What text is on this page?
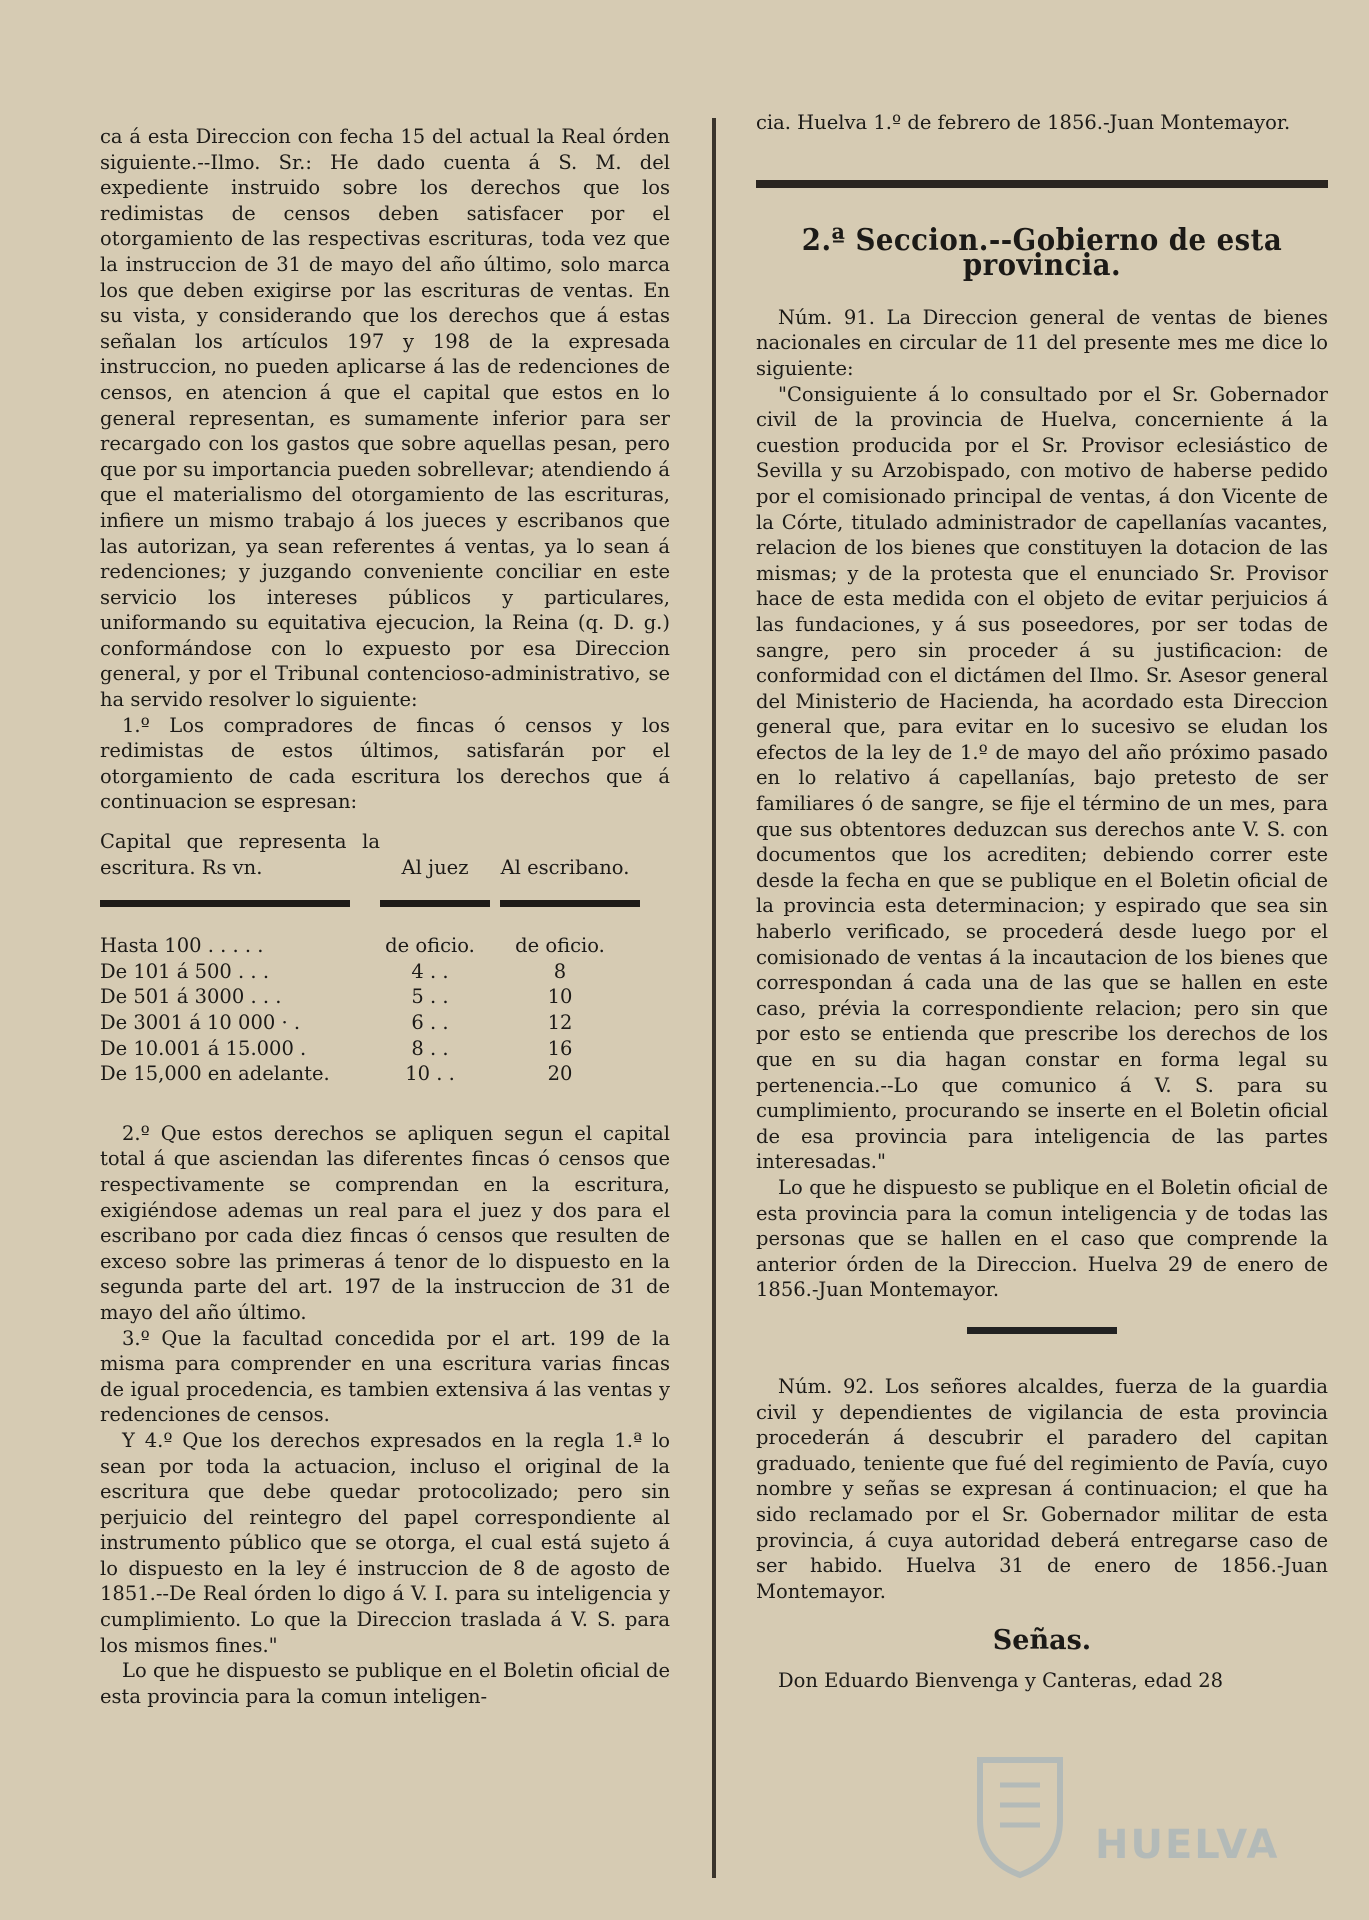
ca á esta Direccion con fecha 15 del actual la Real órden siguiente.--Ilmo. Sr.: He dado cuenta á S. M. del expediente instruido sobre los derechos que los redimistas de censos deben satisfacer por el otorgamiento de las respectivas escrituras, toda vez que la instruccion de 31 de mayo del año último, solo marca los que deben exigirse por las escrituras de ventas. En su vista, y considerando que los derechos que á estas señalan los artículos 197 y 198 de la expresada instruccion, no pueden aplicarse á las de redenciones de censos, en atencion á que el capital que estos en lo general representan, es sumamente inferior para ser recargado con los gastos que sobre aquellas pesan, pero que por su importancia pueden sobrellevar; atendiendo á que el materialismo del otorgamiento de las escrituras, infiere un mismo trabajo á los jueces y escribanos que las autorizan, ya sean referentes á ventas, ya lo sean á redenciones; y juzgando conveniente conciliar en este servicio los intereses públicos y particulares, uniformando su equitativa ejecucion, la Reina (q. D. g.) conformándose con lo expuesto por esa Direccion general, y por el Tribunal contencioso-administrativo, se ha servido resolver lo siguiente:

1.º Los compradores de fincas ó censos y los redimistas de estos últimos, satisfarán por el otorgamiento de cada escritura los derechos que á continuacion se espresan:

Capital que representa la escritura. Rs vn.	Al juez	Al escribano.
Hasta 100 . . . . .	de oficio.	de oficio.
De 101 á 500 . . .	4 . .	8
De 501 á 3000 . . .	5 . .	10
De 3001 á 10 000 · .	6 . .	12
De 10.001 á 15.000 .	8 . .	16
De 15,000 en adelante.	10 . .	20

2.º Que estos derechos se apliquen segun el capital total á que asciendan las diferentes fincas ó censos que respectivamente se comprendan en la escritura, exigiéndose ademas un real para el juez y dos para el escribano por cada diez fincas ó censos que resulten de exceso sobre las primeras á tenor de lo dispuesto en la segunda parte del art. 197 de la instruccion de 31 de mayo del año último.

3.º Que la facultad concedida por el art. 199 de la misma para comprender en una escritura varias fincas de igual procedencia, es tambien extensiva á las ventas y redenciones de censos.

Y 4.º Que los derechos expresados en la regla 1.ª lo sean por toda la actuacion, incluso el original de la escritura que debe quedar protocolizado; pero sin perjuicio del reintegro del papel correspondiente al instrumento público que se otorga, el cual está sujeto á lo dispuesto en la ley é instruccion de 8 de agosto de 1851.--De Real órden lo digo á V. I. para su inteligencia y cumplimiento. Lo que la Direccion traslada á V. S. para los mismos fines."

Lo que he dispuesto se publique en el Boletin oficial de esta provincia para la comun inteligen-

cia. Huelva 1.º de febrero de 1856.-Juan Montemayor.

2.ª Seccion.--Gobierno de esta provincia.

Núm. 91. La Direccion general de ventas de bienes nacionales en circular de 11 del presente mes me dice lo siguiente:

"Consiguiente á lo consultado por el Sr. Gobernador civil de la provincia de Huelva, concerniente á la cuestion producida por el Sr. Provisor eclesiástico de Sevilla y su Arzobispado, con motivo de haberse pedido por el comisionado principal de ventas, á don Vicente de la Córte, titulado administrador de capellanías vacantes, relacion de los bienes que constituyen la dotacion de las mismas; y de la protesta que el enunciado Sr. Provisor hace de esta medida con el objeto de evitar perjuicios á las fundaciones, y á sus poseedores, por ser todas de sangre, pero sin proceder á su justificacion: de conformidad con el dictámen del Ilmo. Sr. Asesor general del Ministerio de Hacienda, ha acordado esta Direccion general que, para evitar en lo sucesivo se eludan los efectos de la ley de 1.º de mayo del año próximo pasado en lo relativo á capellanías, bajo pretesto de ser familiares ó de sangre, se fije el término de un mes, para que sus obtentores deduzcan sus derechos ante V. S. con documentos que los acrediten; debiendo correr este desde la fecha en que se publique en el Boletin oficial de la provincia esta determinacion; y espirado que sea sin haberlo verificado, se procederá desde luego por el comisionado de ventas á la incautacion de los bienes que correspondan á cada una de las que se hallen en este caso, prévia la correspondiente relacion; pero sin que por esto se entienda que prescribe los derechos de los que en su dia hagan constar en forma legal su pertenencia.--Lo que comunico á V. S. para su cumplimiento, procurando se inserte en el Boletin oficial de esa provincia para inteligencia de las partes interesadas."

Lo que he dispuesto se publique en el Boletin oficial de esta provincia para la comun inteligencia y de todas las personas que se hallen en el caso que comprende la anterior órden de la Direccion. Huelva 29 de enero de 1856.-Juan Montemayor.

Núm. 92. Los señores alcaldes, fuerza de la guardia civil y dependientes de vigilancia de esta provincia procederán á descubrir el paradero del capitan graduado, teniente que fué del regimiento de Pavía, cuyo nombre y señas se expresan á continuacion; el que ha sido reclamado por el Sr. Gobernador militar de esta provincia, á cuya autoridad deberá entregarse caso de ser habido. Huelva 31 de enero de 1856.-Juan Montemayor.

Señas.

Don Eduardo Bienvenga y Canteras, edad 28

HUELVA
